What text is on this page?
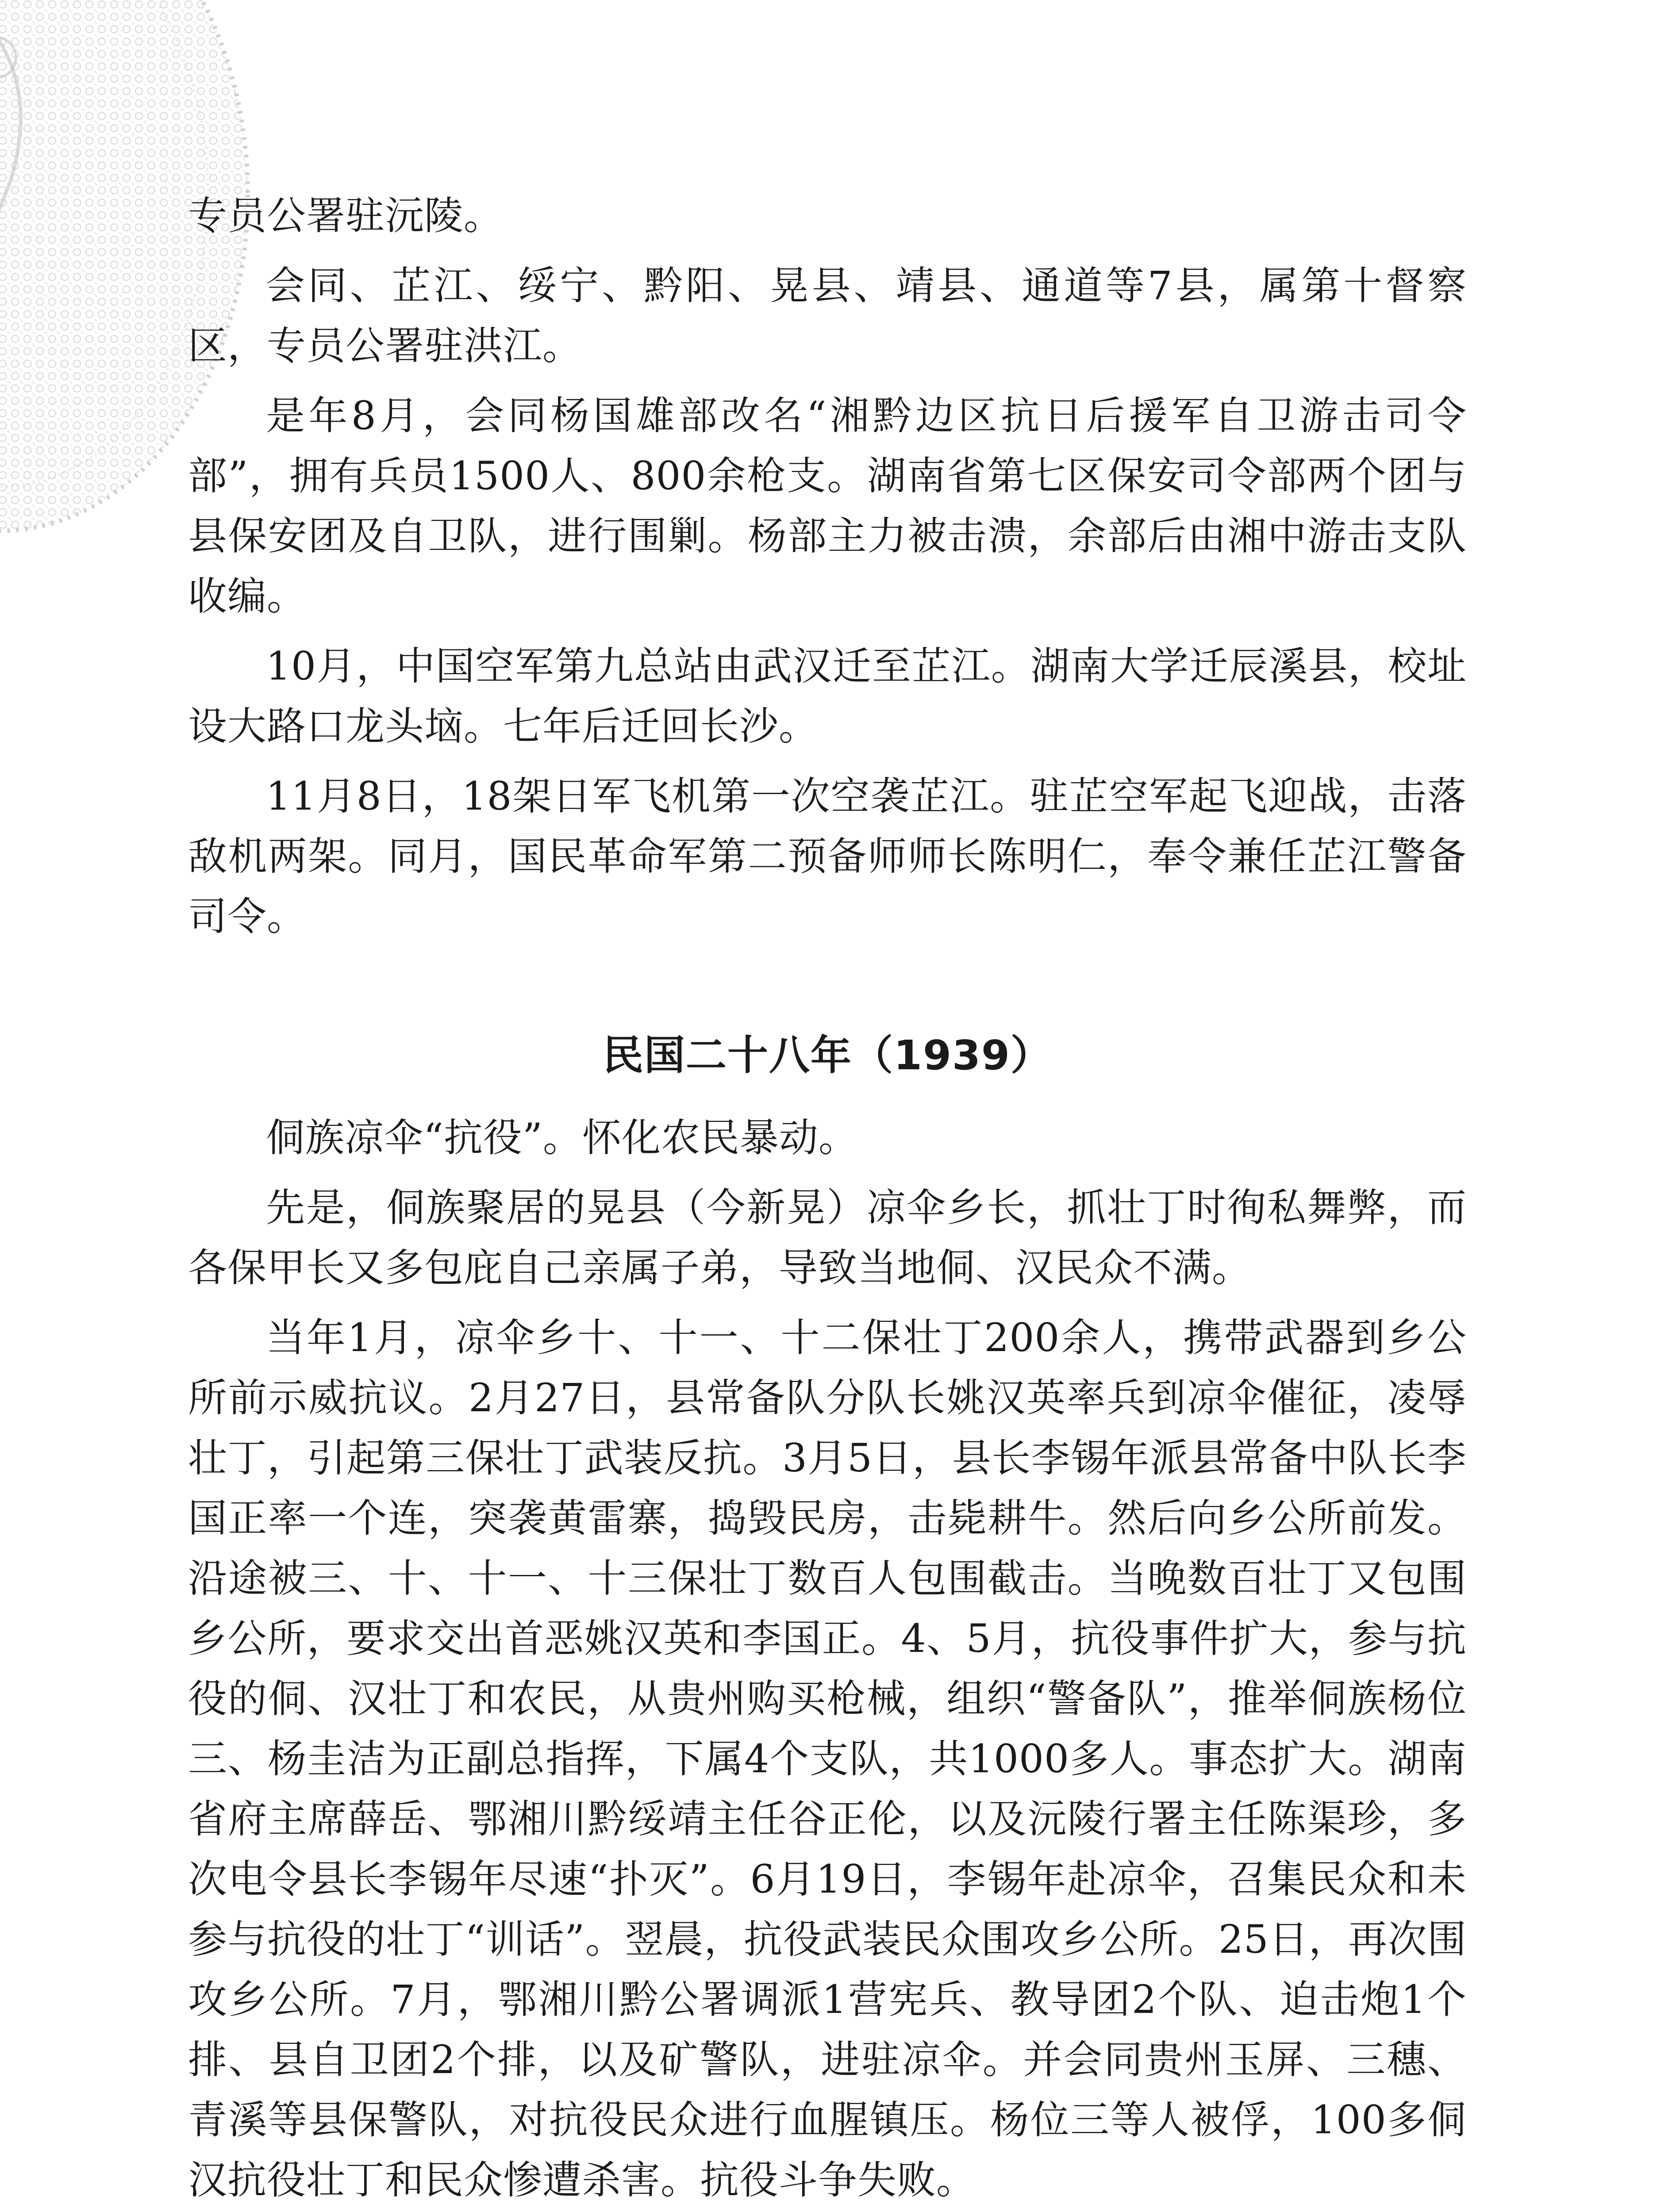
专员公署驻沅陵。

会同、芷江、绥宁、黔阳、晃县、靖县、通道等7县，属第十督察区，专员公署驻洪江。

是年8月，会同杨国雄部改名“湘黔边区抗日后援军自卫游击司令部”，拥有兵员1500人、800余枪支。湖南省第七区保安司令部两个团与县保安团及自卫队，进行围剿。杨部主力被击溃，余部后由湘中游击支队收编。

10月，中国空军第九总站由武汉迁至芷江。湖南大学迁辰溪县，校址设大路口龙头垴。七年后迁回长沙。

11月8日，18架日军飞机第一次空袭芷江。驻芷空军起飞迎战，击落敌机两架。同月，国民革命军第二预备师师长陈明仁，奉令兼任芷江警备司令。

民国二十八年（1939）

侗族凉伞“抗役”。怀化农民暴动。

先是，侗族聚居的晃县（今新晃）凉伞乡长，抓壮丁时徇私舞弊，而各保甲长又多包庇自己亲属子弟，导致当地侗、汉民众不满。

当年1月，凉伞乡十、十一、十二保壮丁200余人，携带武器到乡公所前示威抗议。2月27日，县常备队分队长姚汉英率兵到凉伞催征，凌辱壮丁，引起第三保壮丁武装反抗。3月5日，县长李锡年派县常备中队长李国正率一个连，突袭黄雷寨，捣毁民房，击毙耕牛。然后向乡公所前发。沿途被三、十、十一、十三保壮丁数百人包围截击。当晚数百壮丁又包围乡公所，要求交出首恶姚汉英和李国正。4、5月，抗役事件扩大，参与抗役的侗、汉壮丁和农民，从贵州购买枪械，组织“警备队”，推举侗族杨位三、杨圭洁为正副总指挥，下属4个支队，共1000多人。事态扩大。湖南省府主席薛岳、鄂湘川黔绥靖主任谷正伦，以及沅陵行署主任陈渠珍，多次电令县长李锡年尽速“扑灭”。6月19日，李锡年赴凉伞，召集民众和未参与抗役的壮丁“训话”。翌晨，抗役武装民众围攻乡公所。25日，再次围攻乡公所。7月，鄂湘川黔公署调派1营宪兵、教导团2个队、迫击炮1个排、县自卫团2个排，以及矿警队，进驻凉伞。并会同贵州玉屏、三穗、青溪等县保警队，对抗役民众进行血腥镇压。杨位三等人被俘，100多侗汉抗役壮丁和民众惨遭杀害。抗役斗争失败。
